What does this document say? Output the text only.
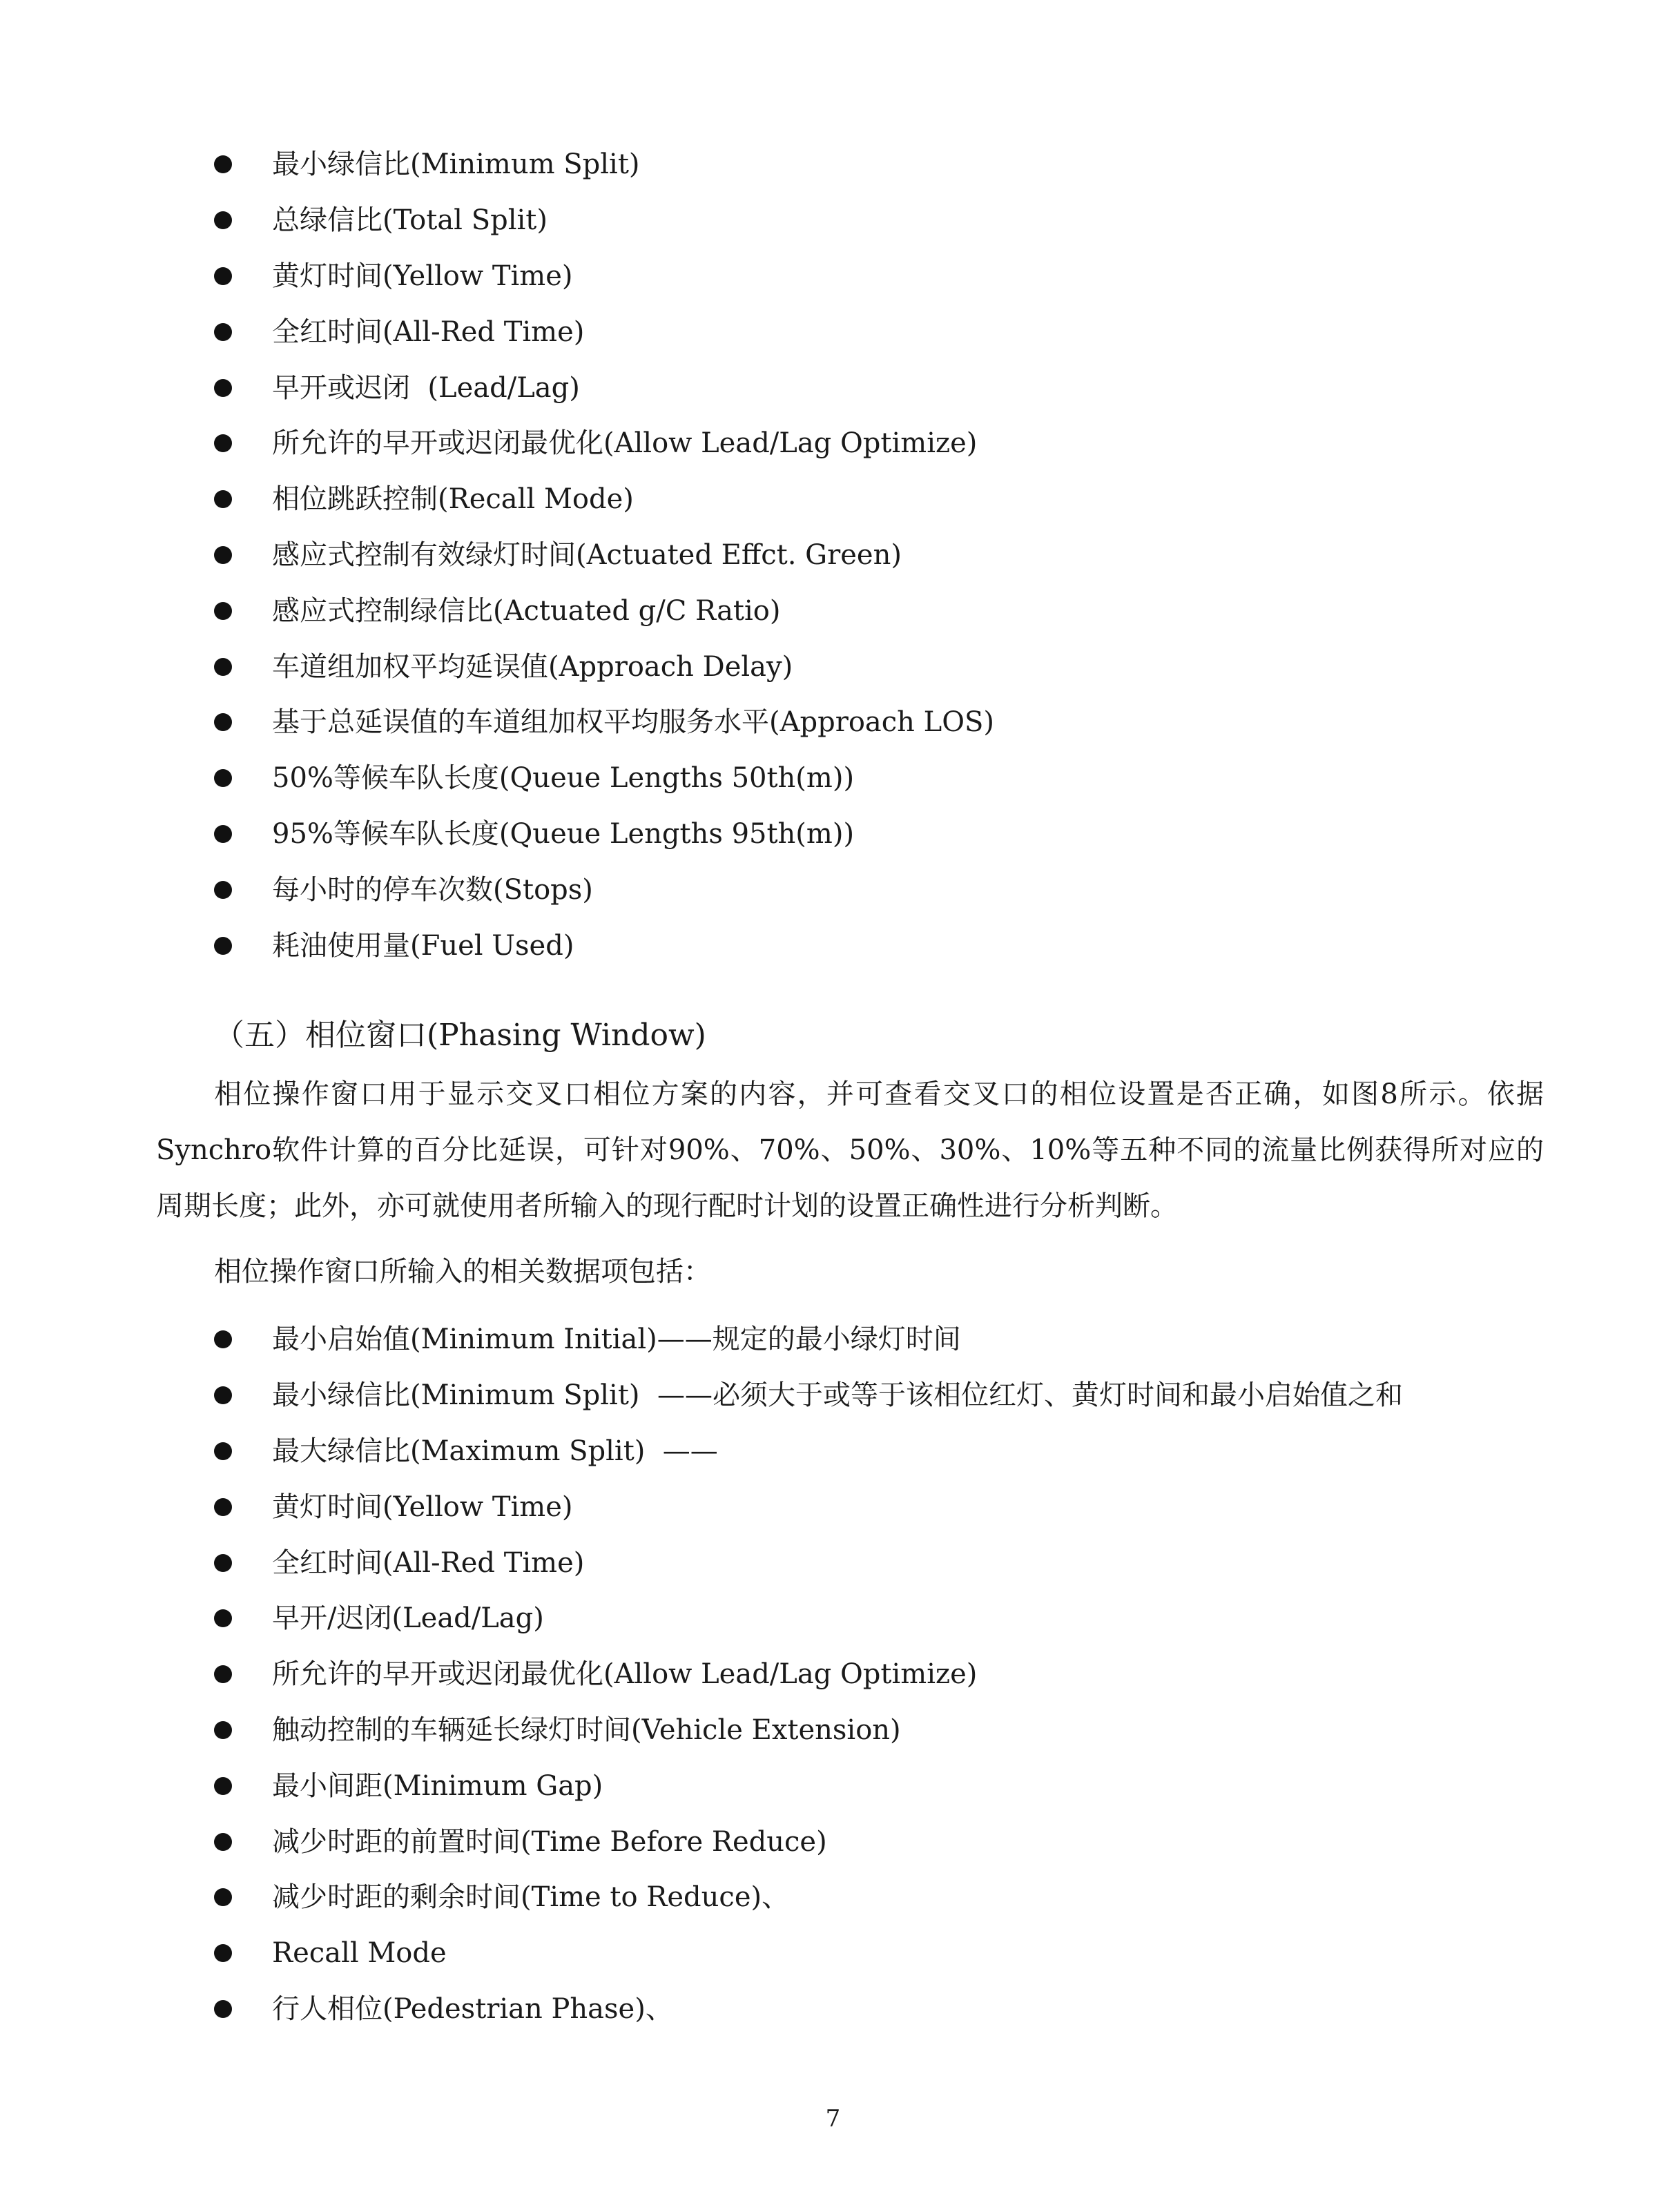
最小绿信比(Minimum Split)
总绿信比(Total Split)
黄灯时间(Yellow Time)
全红时间(All-Red Time)
早开或迟闭  (Lead/Lag)
所允许的早开或迟闭最优化(Allow Lead/Lag Optimize)
相位跳跃控制(Recall Mode)
感应式控制有效绿灯时间(Actuated Effct. Green)
感应式控制绿信比(Actuated g/C Ratio)
车道组加权平均延误值(Approach Delay)
基于总延误值的车道组加权平均服务水平(Approach LOS)
50%等候车队长度(Queue Lengths 50th(m))
95%等候车队长度(Queue Lengths 95th(m))
每小时的停车次数(Stops)
耗油使用量(Fuel Used)
（五）相位窗口(Phasing Window)

相位操作窗口用于显示交叉口相位方案的内容，并可查看交叉口的相位设置是否正确，如图8所示。依据Synchro软件计算的百分比延误，可针对90%、70%、50%、30%、10%等五种不同的流量比例获得所对应的周期长度；此外，亦可就使用者所输入的现行配时计划的设置正确性进行分析判断。

相位操作窗口所输入的相关数据项包括：
最小启始值(Minimum Initial)——规定的最小绿灯时间
最小绿信比(Minimum Split)  ——必须大于或等于该相位红灯、黄灯时间和最小启始值之和
最大绿信比(Maximum Split)  ——
黄灯时间(Yellow Time)
全红时间(All-Red Time)
早开/迟闭(Lead/Lag)
所允许的早开或迟闭最优化(Allow Lead/Lag Optimize)
触动控制的车辆延长绿灯时间(Vehicle Extension)
最小间距(Minimum Gap)
减少时距的前置时间(Time Before Reduce)
减少时距的剩余时间(Time to Reduce)、
Recall Mode
行人相位(Pedestrian Phase)、
7
